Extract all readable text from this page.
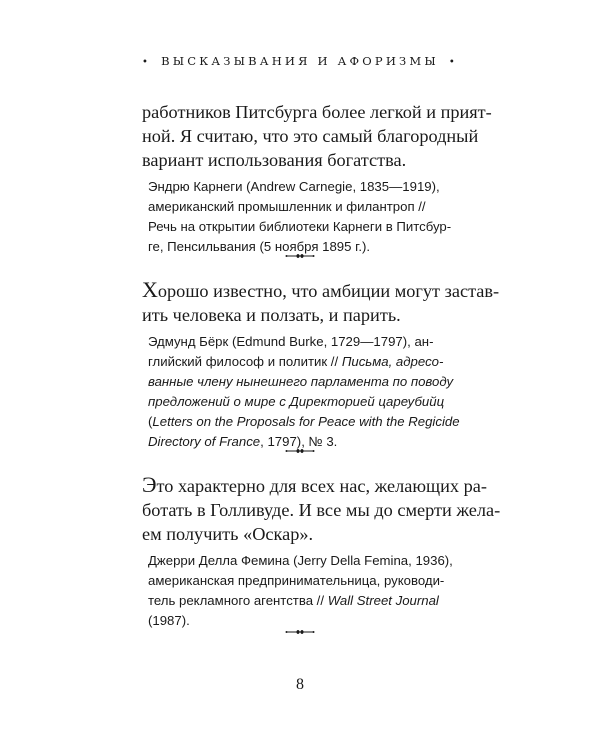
• ВЫСКАЗЫВАНИЯ И АФОРИЗМЫ •

работников Питсбурга более легкой и прият-
ной. Я считаю, что это самый благородный
вариант использования богатства.

Эндрю Карнеги (Andrew Carnegie, 1835—1919),
американский промышленник и филантроп //
Речь на открытии библиотеки Карнеги в Питсбур-
ге, Пенсильвания (5 ноября 1895 г.).

Хорошо известно, что амбиции могут застав-
ить человека и ползать, и парить.

Эдмунд Бёрк (Edmund Burke, 1729—1797), ан-
глийский философ и политик // Письма, адресо-
ванные члену нынешнего парламента по поводу
предложений о мире с Директорией цареубийц
(Letters on the Proposals for Peace with the Regicide
Directory of France, 1797), № 3.

Это характерно для всех нас, желающих ра-
ботать в Голливуде. И все мы до смерти жела-
ем получить «Оскар».

Джерри Делла Фемина (Jerry Della Femina, 1936),
американская предпринимательница, руководи-
тель рекламного агентства // Wall Street Journal
(1987).
8
